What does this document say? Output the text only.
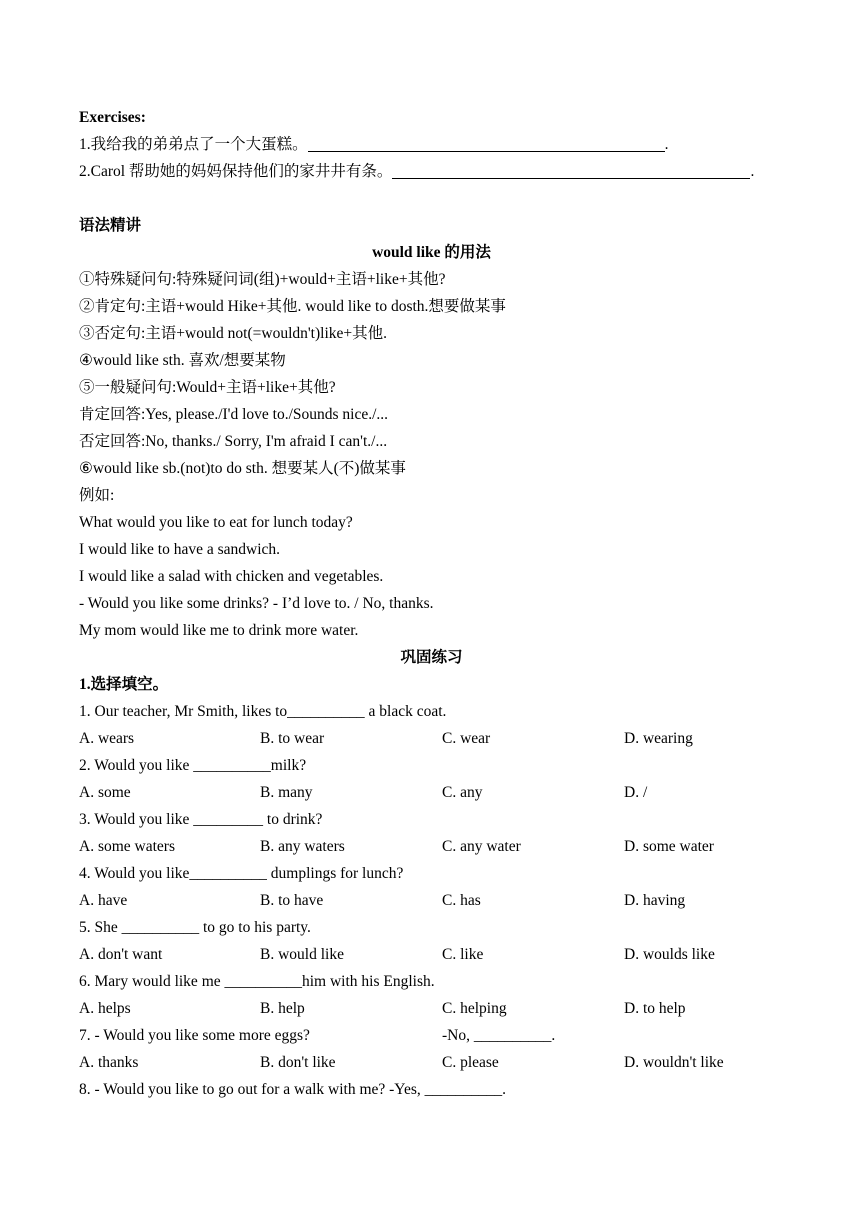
Exercises:
1.我给我的弟弟点了一个大蛋糕。	.
2.Carol 帮助她的妈妈保持他们的家井井有条。	.
语法精讲
would like 的用法
①特殊疑问句:特殊疑问词(组)+would+主语+like+其他?
②肯定句:主语+would Hike+其他. would like to dosth.想要做某事
③否定句:主语+would not(=wouldn't)like+其他.
④would like sth. 喜欢/想要某物
⑤一般疑问句:Would+主语+like+其他?
肯定回答:Yes, please./I'd love to./Sounds nice./...
否定回答:No, thanks./ Sorry, I'm afraid I can't./...
⑥would like sb.(not)to do sth. 想要某人(不)做某事
例如:
What would you like to eat for lunch today?
I would like to have a sandwich.
I would like a salad with chicken and vegetables.
- Would you like some drinks? - I’d love to. / No, thanks.
My mom would like me to drink more water.
巩固练习
1.选择填空。
1. Our teacher, Mr Smith, likes to__________ a black coat.
A. wears	B. to wear	C. wear	D. wearing
2. Would you like __________milk?
A. some	B. many	C. any	D. /
3. Would you like _________ to drink?
A. some waters	B. any waters	C. any water	D. some water
4. Would you like__________ dumplings for lunch?
A. have	B. to have	C. has	D. having
5. She __________ to go to his party.
A. don't want	B. would like	C. like	D. woulds like
6. Mary would like me __________him with his English.
A. helps	B. help	C. helping	D. to help
7. - Would you like some more eggs?	-No, __________.
A. thanks	B. don't like	C. please	D. wouldn't like
8. - Would you like to go out for a walk with me? -Yes, __________.
